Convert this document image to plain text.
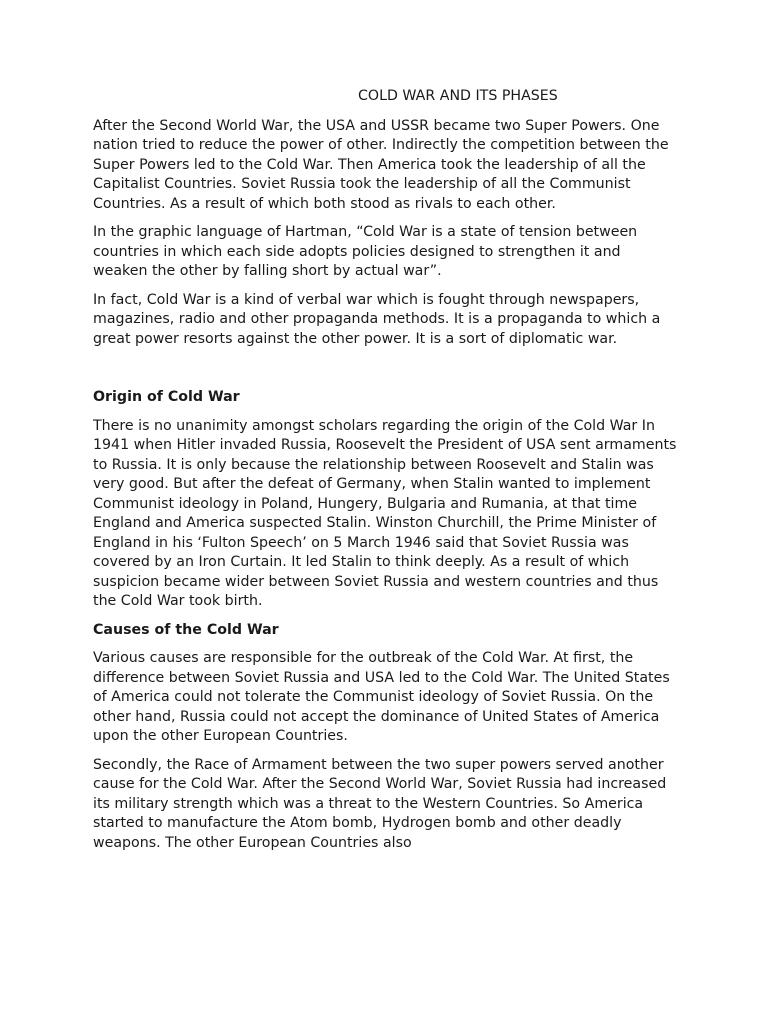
COLD WAR AND ITS PHASES

After the Second World War, the USA and USSR became two Super Powers. One nation tried to reduce the power of other. Indirectly the competition between the Super Powers led to the Cold War. Then America took the leadership of all the Capitalist Countries. Soviet Russia took the leadership of all the Communist Countries. As a result of which both stood as rivals to each other.

In the graphic language of Hartman, “Cold War is a state of tension between countries in which each side adopts policies designed to strengthen it and weaken the other by falling short by actual war”.

In fact, Cold War is a kind of verbal war which is fought through newspapers, magazines, radio and other propaganda methods. It is a propaganda to which a great power resorts against the other power. It is a sort of diplomatic war.

Origin of Cold War

There is no unanimity amongst scholars regarding the origin of the Cold War In 1941 when Hitler invaded Russia, Roosevelt the President of USA sent armaments to Russia. It is only because the relationship between Roosevelt and Stalin was very good. But after the defeat of Germany, when Stalin wanted to implement Communist ideology in Poland, Hungery, Bulgaria and Rumania, at that time England and America suspected Stalin. Winston Churchill, the Prime Minister of England in his ‘Fulton Speech’ on 5 March 1946 said that Soviet Russia was covered by an Iron Curtain. It led Stalin to think deeply. As a result of which suspicion became wider between Soviet Russia and western countries and thus the Cold War took birth.

Causes of the Cold War

Various causes are responsible for the outbreak of the Cold War. At first, the difference between Soviet Russia and USA led to the Cold War. The United States of America could not tolerate the Communist ideology of Soviet Russia. On the other hand, Russia could not accept the dominance of United States of America upon the other European Countries.

Secondly, the Race of Armament between the two super powers served another cause for the Cold War. After the Second World War, Soviet Russia had increased its military strength which was a threat to the Western Countries. So America started to manufacture the Atom bomb, Hydrogen bomb and other deadly weapons. The other European Countries also
